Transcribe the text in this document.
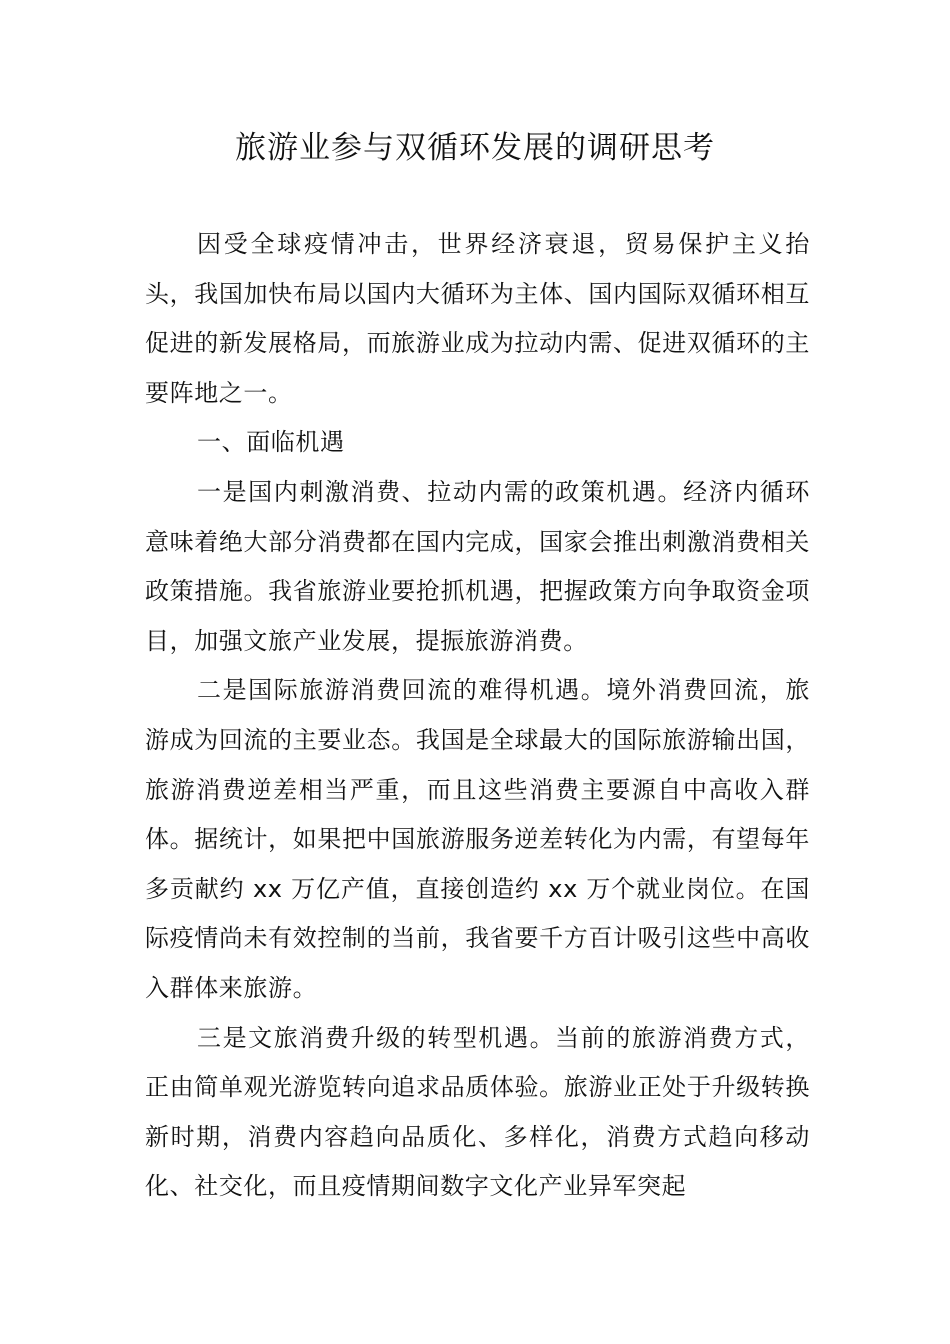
旅游业参与双循环发展的调研思考

因受全球疫情冲击，世界经济衰退，贸易保护主义抬头，我国加快布局以国内大循环为主体、国内国际双循环相互促进的新发展格局，而旅游业成为拉动内需、促进双循环的主要阵地之一。

一、面临机遇

一是国内刺激消费、拉动内需的政策机遇。经济内循环意味着绝大部分消费都在国内完成，国家会推出刺激消费相关政策措施。我省旅游业要抢抓机遇，把握政策方向争取资金项目，加强文旅产业发展，提振旅游消费。

二是国际旅游消费回流的难得机遇。境外消费回流，旅游成为回流的主要业态。我国是全球最大的国际旅游输出国，旅游消费逆差相当严重，而且这些消费主要源自中高收入群体。据统计，如果把中国旅游服务逆差转化为内需，有望每年多贡献约 xx 万亿产值，直接创造约 xx 万个就业岗位。在国际疫情尚未有效控制的当前，我省要千方百计吸引这些中高收入群体来旅游。

三是文旅消费升级的转型机遇。当前的旅游消费方式，正由简单观光游览转向追求品质体验。旅游业正处于升级转换新时期，消费内容趋向品质化、多样化，消费方式趋向移动化、社交化，而且疫情期间数字文化产业异军突起
